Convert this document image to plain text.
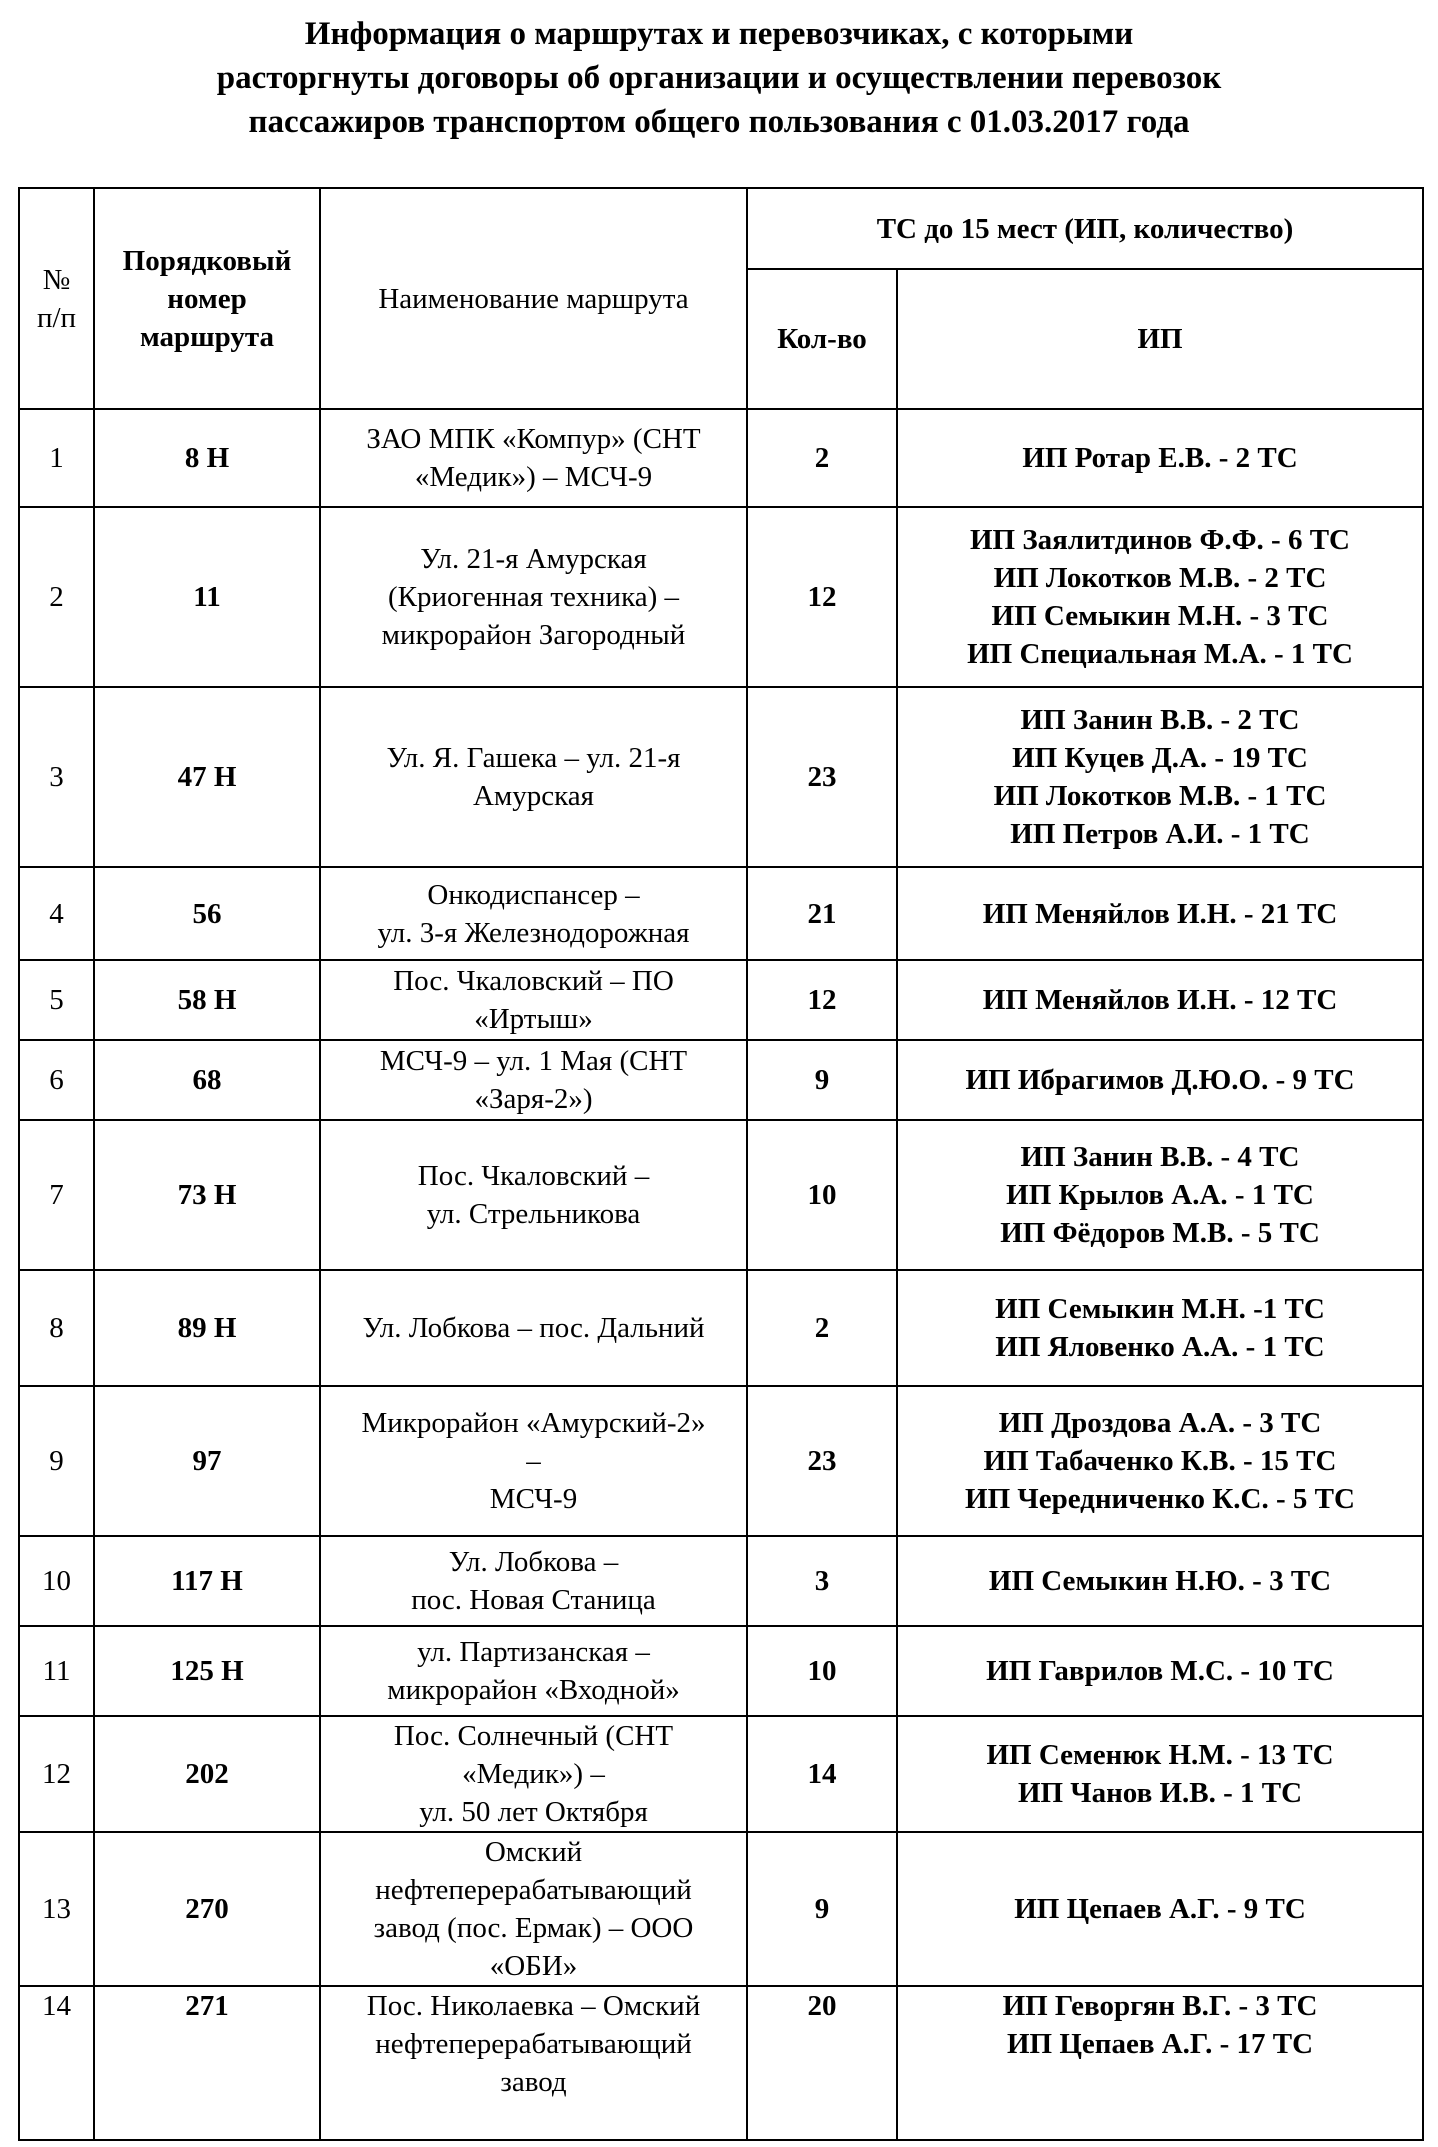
Информация о маршрутах и перевозчиках, с которыми
расторгнуты договоры об организации и осуществлении перевозок
пассажиров транспортом общего пользования с 01.03.2017 года
№
п/п	Порядковый
номер
маршрута	Наименование маршрута	ТС до 15 мест (ИП, количество)	
			Кол-во	ИП
1	8 Н	ЗАО МПК «Компур» (СНТ
«Медик») – МСЧ-9	2	ИП Ротар Е.В. - 2 ТС

2	11	Ул. 21-я Амурская
(Криогенная техника) –
микрорайон Загородный	12	ИП Заялитдинов Ф.Ф. - 6 ТС
ИП Локотков М.В. - 2 ТС
ИП Семыкин М.Н. - 3 ТС
ИП Специальная М.А. - 1 ТС

3	47 Н	Ул. Я. Гашека – ул. 21-я
Амурская	23	ИП Занин В.В. - 2 ТС
ИП Куцев Д.А. - 19 ТС
ИП Локотков М.В. - 1 ТС
ИП Петров А.И. - 1 ТС

4	56	Онкодиспансер –
ул. 3-я Железнодорожная	21	ИП Меняйлов И.Н. - 21 ТС

5	58 Н	Пос. Чкаловский – ПО
«Иртыш»	12	ИП Меняйлов И.Н. - 12 ТС

6	68	МСЧ-9 – ул. 1 Мая (СНТ
«Заря-2»)	9	ИП Ибрагимов Д.Ю.О. - 9 ТС

7	73 Н	Пос. Чкаловский –
ул. Стрельникова	10	ИП Занин В.В. - 4 ТС
ИП Крылов А.А. - 1 ТС
ИП Фёдоров М.В. - 5 ТС

8	89 Н	Ул. Лобкова – пос. Дальний	2	ИП Семыкин М.Н. -1 ТС
ИП Яловенко А.А. - 1 ТС

9	97	Микрорайон «Амурский-2»
–
МСЧ-9	23	ИП Дроздова А.А. - 3 ТС
ИП Табаченко К.В. - 15 ТС
ИП Чередниченко К.С. - 5 ТС

10	117 Н	Ул. Лобкова –
пос. Новая Станица	3	ИП Семыкин Н.Ю. - 3 ТС

11	125 Н	ул. Партизанская –
микрорайон «Входной»	10	ИП Гаврилов М.С. - 10 ТС

12	202	Пос. Солнечный (СНТ
«Медик») –
ул. 50 лет Октября	14	ИП Семенюк Н.М. - 13 ТС
ИП Чанов И.В. - 1 ТС

13	270	Омский
нефтеперерабатывающий
завод (пос. Ермак) – ООО
«ОБИ»	9	ИП Цепаев А.Г. - 9 ТС

14	271	Пос. Николаевка – Омский
нефтеперерабатывающий
завод	20	ИП Геворгян В.Г. - 3 ТС
ИП Цепаев А.Г. - 17 ТС
